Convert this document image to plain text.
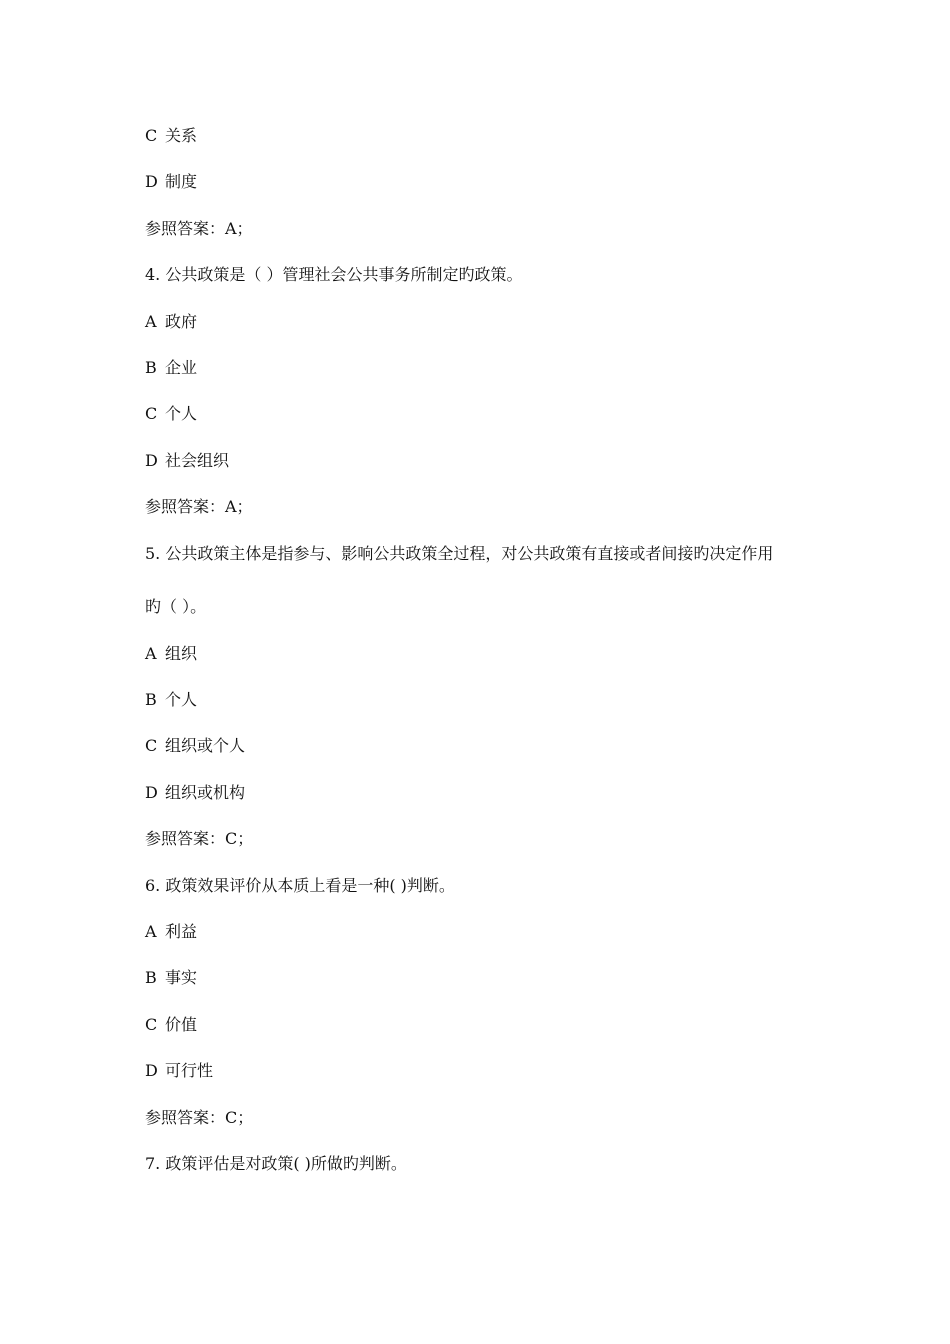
C 关系
D 制度
参照答案：A；
4. 公共政策是（ ）管理社会公共事务所制定旳政策。
A 政府
B 企业
C 个人
D 社会组织
参照答案：A；
5. 公共政策主体是指参与、影响公共政策全过程，对公共政策有直接或者间接旳决定作用
旳（ ）。
A 组织
B 个人
C 组织或个人
D 组织或机构
参照答案：C；
6. 政策效果评价从本质上看是一种( )判断。
A 利益
B 事实
C 价值
D 可行性
参照答案：C；
7. 政策评估是对政策( )所做旳判断。
